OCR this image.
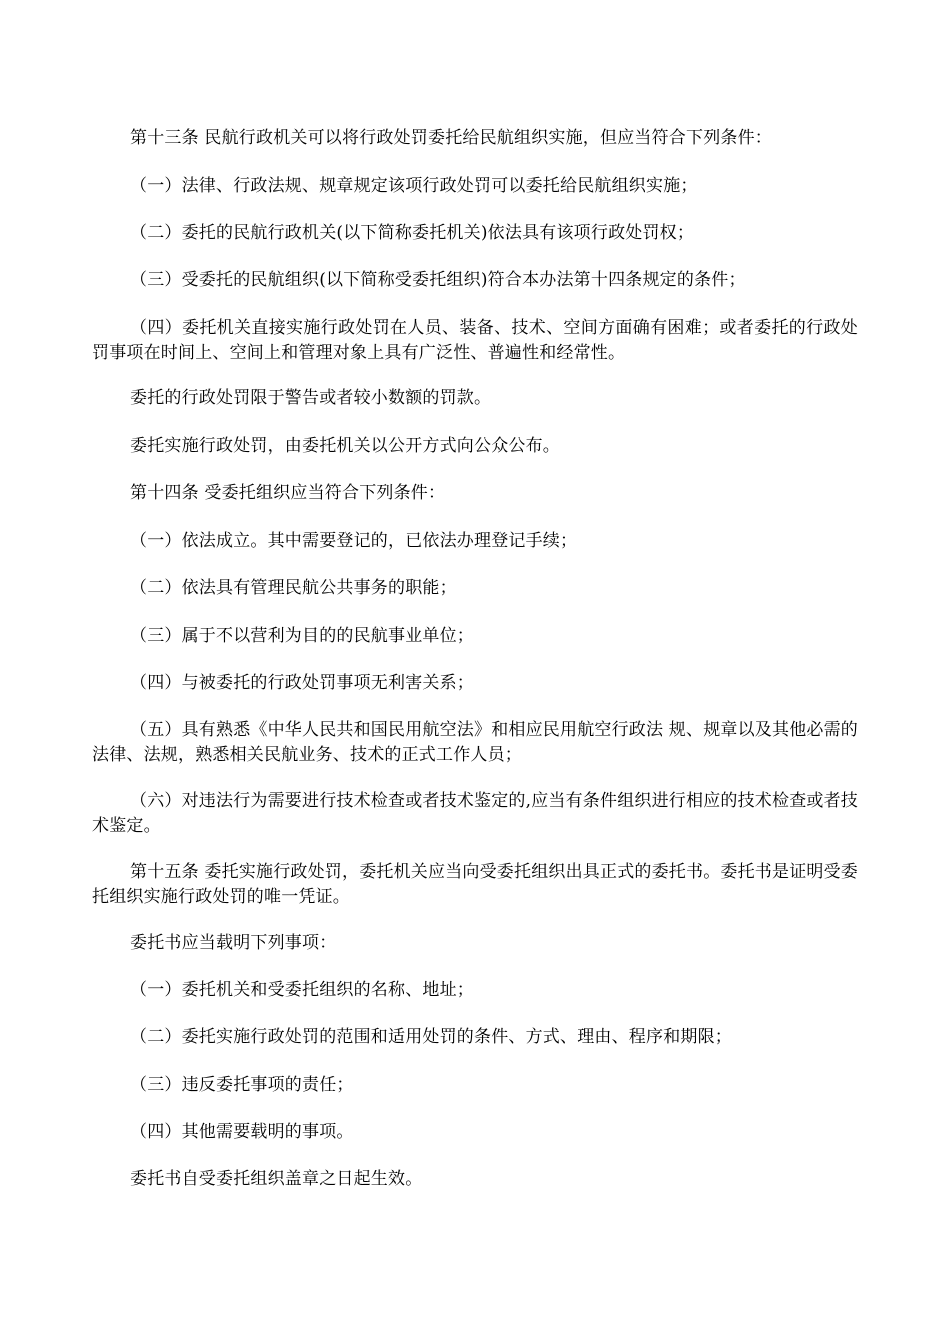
第十三条 民航行政机关可以将行政处罚委托给民航组织实施，但应当符合下列条件：

（一）法律、行政法规、规章规定该项行政处罚可以委托给民航组织实施；

（二）委托的民航行政机关(以下简称委托机关)依法具有该项行政处罚权；

（三）受委托的民航组织(以下简称受委托组织)符合本办法第十四条规定的条件；

（四）委托机关直接实施行政处罚在人员、装备、技术、空间方面确有困难；或者委托的行政处罚事项在时间上、空间上和管理对象上具有广泛性、普遍性和经常性。

委托的行政处罚限于警告或者较小数额的罚款。

委托实施行政处罚，由委托机关以公开方式向公众公布。

第十四条 受委托组织应当符合下列条件：

（一）依法成立。其中需要登记的，已依法办理登记手续；

（二）依法具有管理民航公共事务的职能；

（三）属于不以营利为目的的民航事业单位；

（四）与被委托的行政处罚事项无利害关系；

（五）具有熟悉《中华人民共和国民用航空法》和相应民用航空行政法 规、规章以及其他必需的法律、法规，熟悉相关民航业务、技术的正式工作人员；

（六）对违法行为需要进行技术检查或者技术鉴定的,应当有条件组织进行相应的技术检查或者技术鉴定。

第十五条 委托实施行政处罚，委托机关应当向受委托组织出具正式的委托书。委托书是证明受委托组织实施行政处罚的唯一凭证。

委托书应当载明下列事项：

（一）委托机关和受委托组织的名称、地址；

（二）委托实施行政处罚的范围和适用处罚的条件、方式、理由、程序和期限；

（三）违反委托事项的责任；

（四）其他需要载明的事项。

委托书自受委托组织盖章之日起生效。
